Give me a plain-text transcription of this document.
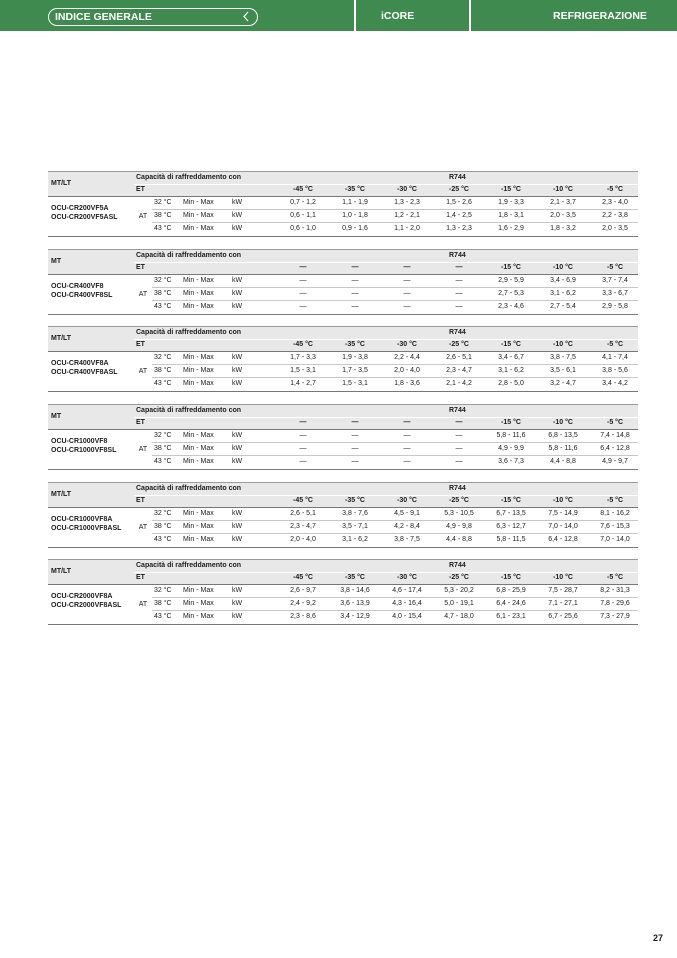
INDICE GENERALE	iCORE	REFRIGERAZIONE
Capacità di raffreddamento con	R744
ET	-45 °C	-35 °C	-30 °C	-25 °C	-15 °C	-10 °C	-5 °C
MT/LT
OCU-CR200VF5A
OCU-CR200VF5ASL	AT
32 °C Min - Max	kW	0,7 - 1,2	1,1 - 1,9	1,3 - 2,3	1,5 - 2,6	1,9 - 3,3	2,1 - 3,7	2,3 - 4,0
38 °C Min - Max	kW	0,6 - 1,1	1,0 - 1,8	1,2 - 2,1	1,4 - 2,5	1,8 - 3,1	2,0 - 3,5	2,2 - 3,8
43 °C Min - Max	kW	0,6 - 1,0	0,9 - 1,6	1,1 - 2,0	1,3 - 2,3	1,6 - 2,9	1,8 - 3,2	2,0 - 3,5
Capacità di raffreddamento con	R744
ET	—	—	—	—	-15 °C	-10 °C	-5 °C
MT
OCU-CR400VF8
OCU-CR400VF8SL	AT
32 °C Min - Max	kW	—	—	—	—	2,9 - 5,9	3,4 - 6,9	3,7 - 7,4
38 °C Min - Max	kW	—	—	—	—	2,7 - 5,3	3,1 - 6,2	3,3 - 6,7
43 °C Min - Max	kW	—	—	—	—	2,3 - 4,6	2,7 - 5,4	2,9 - 5,8
Capacità di raffreddamento con	R744
ET	-45 °C	-35 °C	-30 °C	-25 °C	-15 °C	-10 °C	-5 °C
MT/LT
OCU-CR400VF8A
OCU-CR400VF8ASL	AT
32 °C Min - Max	kW	1,7 - 3,3	1,9 - 3,8	2,2 - 4,4	2,6 - 5,1	3,4 - 6,7	3,8 - 7,5	4,1 - 7,4
38 °C Min - Max	kW	1,5 - 3,1	1,7 - 3,5	2,0 - 4,0	2,3 - 4,7	3,1 - 6,2	3,5 - 6,1	3,8 - 5,6
43 °C Min - Max	kW	1,4 - 2,7	1,5 - 3,1	1,8 - 3,6	2,1 - 4,2	2,8 - 5,0	3,2 - 4,7	3,4 - 4,2
Capacità di raffreddamento con	R744
ET	—	—	—	—	-15 °C	-10 °C	-5 °C
MT
OCU-CR1000VF8
OCU-CR1000VF8SL	AT
32 °C Min - Max	kW	—	—	—	—	5,8 - 11,6	6,8 - 13,5	7,4 - 14,8
38 °C Min - Max	kW	—	—	—	—	4,9 - 9,9	5,8 - 11,6	6,4 - 12,8
43 °C Min - Max	kW	—	—	—	—	3,6 - 7,3	4,4 - 8,8	4,9 - 9,7
Capacità di raffreddamento con	R744
ET	-45 °C	-35 °C	-30 °C	-25 °C	-15 °C	-10 °C	-5 °C
MT/LT
OCU-CR1000VF8A
OCU-CR1000VF8ASL	AT
32 °C Min - Max	kW	2,6 - 5,1	3,8 - 7,6	4,5 - 9,1	5,3 - 10,5	6,7 - 13,5	7,5 - 14,9	8,1 - 16,2
38 °C Min - Max	kW	2,3 - 4,7	3,5 - 7,1	4,2 - 8,4	4,9 - 9,8	6,3 - 12,7	7,0 - 14,0	7,6 - 15,3
43 °C Min - Max	kW	2,0 - 4,0	3,1 - 6,2	3,8 - 7,5	4,4 - 8,8	5,8 - 11,5	6,4 - 12,8	7,0 - 14,0
Capacità di raffreddamento con	R744
ET	-45 °C	-35 °C	-30 °C	-25 °C	-15 °C	-10 °C	-5 °C
MT/LT
OCU-CR2000VF8A
OCU-CR2000VF8ASL	AT
32 °C Min - Max	kW	2,6 - 9,7	3,8 - 14,6	4,6 - 17,4	5,3 - 20,2	6,8 - 25,9	7,5 - 28,7	8,2 - 31,3
38 °C Min - Max	kW	2,4 - 9,2	3,6 - 13,9	4,3 - 16,4	5,0 - 19,1	6,4 - 24,6	7,1 - 27,1	7,8 - 29,6
43 °C Min - Max	kW	2,3 - 8,6	3,4 - 12,9	4,0 - 15,4	4,7 - 18,0	6,1 - 23,1	6,7 - 25,6	7,3 - 27,9
27
